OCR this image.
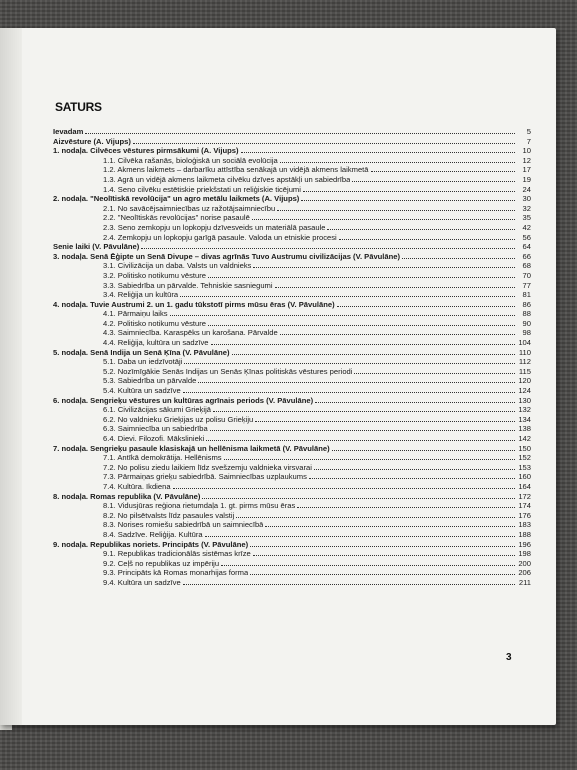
SATURS
Ievadam	5
Aizvēsture (A. Vijups)	7
1. nodaļa. Cilvēces vēstures pirmsākumi (A. Vijups)	10
1.1. Cilvēka rašanās, bioloģiskā un sociālā evolūcija	12
1.2. Akmens laikmets – darbarīku attīstība senākajā un vidējā akmens laikmetā	17
1.3. Agrā un vidējā akmens laikmeta cilvēku dzīves apstākļi un sabiedrība	19
1.4. Seno cilvēku estētiskie priekšstati un reliģiskie ticējumi	24
2. nodaļa. "Neolītiskā revolūcija" un agro metālu laikmets (A. Vijups)	30
2.1. No savācējsaimniecības uz ražotājsaimniecību	32
2.2. "Neolītiskās revolūcijas" norise pasaulē	35
2.3. Seno zemkopju un lopkopju dzīvesveids un materiālā pasaule	42
2.4. Zemkopju un lopkopju garīgā pasaule. Valoda un etniskie procesi	56
Senie laiki (V. Pāvulāne)	64
3. nodaļa. Senā Ēģipte un Senā Divupe – divas agrīnās Tuvo Austrumu civilizācijas (V. Pāvulāne)	66
3.1. Civilizācija un daba. Valsts un valdnieks	68
3.2. Politisko notikumu vēsture	70
3.3. Sabiedrība un pārvalde. Tehniskie sasniegumi	77
3.4. Reliģija un kultūra	81
4. nodaļa. Tuvie Austrumi 2. un 1. gadu tūkstotī pirms mūsu ēras (V. Pāvulāne)	86
4.1. Pārmaiņu laiks	88
4.2. Politisko notikumu vēsture	90
4.3. Saimniecība. Karaspēks un karošana. Pārvalde	98
4.4. Reliģija, kultūra un sadzīve	104
5. nodaļa. Senā Indija un Senā Ķīna (V. Pāvulāne)	110
5.1. Daba un iedzīvotāji	112
5.2. Nozīmīgākie Senās Indijas un Senās Ķīnas politiskās vēstures periodi	115
5.3. Sabiedrība un pārvalde	120
5.4. Kultūra un sadzīve	124
6. nodaļa. Sengrieķu vēstures un kultūras agrīnais periods (V. Pāvulāne)	130
6.1. Civilizācijas sākumi Grieķijā	132
6.2. No valdnieku Grieķijas uz polisu Grieķiju	134
6.3. Saimniecība un sabiedrība	138
6.4. Dievi. Filozofi. Mākslinieki	142
7. nodaļa. Sengrieķu pasaule klasiskajā un hellēnisma laikmetā (V. Pāvulāne)	150
7.1. Antīkā demokrātija. Hellēnisms	152
7.2. No polisu ziedu laikiem līdz svešzemju valdnieka virsvarai	153
7.3. Pārmaiņas grieķu sabiedrībā. Saimniecības uzplaukums	160
7.4. Kultūra. Ikdiena	164
8. nodaļa. Romas republika (V. Pāvulāne)	172
8.1. Vidusjūras reģiona rietumdaļa 1. gt. pirms mūsu ēras	174
8.2. No pilsētvalsts līdz pasaules valstij	176
8.3. Norises romiešu sabiedrībā un saimniecībā	183
8.4. Sadzīve. Reliģija. Kultūra	188
9. nodaļa. Republikas noriets. Principāts (V. Pāvulāne)	196
9.1. Republikas tradicionālās sistēmas krīze	198
9.2. Ceļš no republikas uz impēriju	200
9.3. Principāts kā Romas monarhijas forma	206
9.4. Kultūra un sadzīve	211
3
